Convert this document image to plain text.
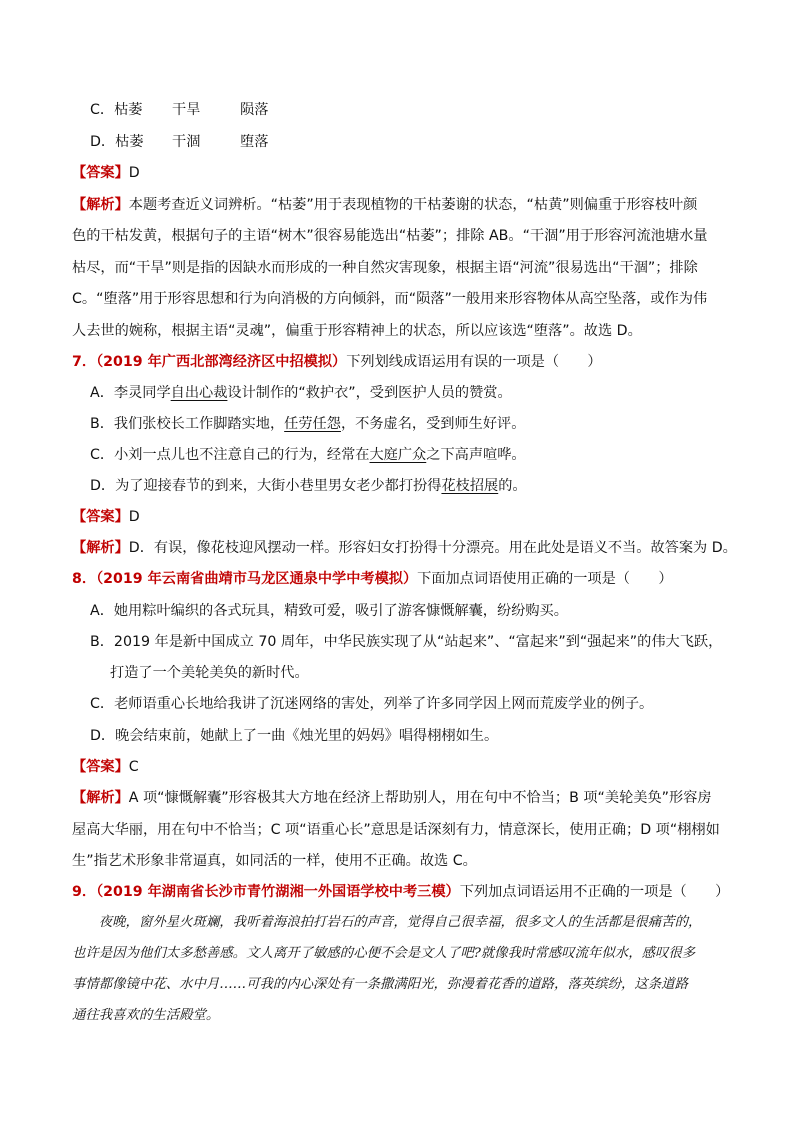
C．枯萎 干旱	陨落
D．枯萎 干涸	堕落
【答案】D
【解析】本题考查近义词辨析。“枯萎”用于表现植物的干枯萎谢的状态，“枯黄”则偏重于形容枝叶颜
色的干枯发黄，根据句子的主语“树木”很容易能选出“枯萎”；排除 AB。“干涸”用于形容河流池塘水量
枯尽，而“干旱”则是指的因缺水而形成的一种自然灾害现象，根据主语“河流”很易选出“干涸”；排除
C。“堕落”用于形容思想和行为向消极的方向倾斜，而“陨落”一般用来形容物体从高空坠落，或作为伟
人去世的婉称，根据主语“灵魂”，偏重于形容精神上的状态，所以应该选“堕落”。故选 D。
7．（2019 年广西北部湾经济区中招模拟）下列划线成语运用有误的一项是（　　）
A．李灵同学自出心裁设计制作的“救护衣”，受到医护人员的赞赏。
B．我们张校长工作脚踏实地，任劳任怨，不务虚名，受到师生好评。
C．小刘一点儿也不注意自己的行为，经常在大庭广众之下高声喧哗。
D．为了迎接春节的到来，大街小巷里男女老少都打扮得花枝招展的。
【答案】D
【解析】D．有误，像花枝迎风摆动一样。形容妇女打扮得十分漂亮。用在此处是语义不当。故答案为 D。
8．（2019 年云南省曲靖市马龙区通泉中学中考模拟）下面加点词语使用正确的一项是（　　）
A．她用粽叶编织的各式玩具，精致可爱，吸引了游客慷慨解囊，纷纷购买。
B．2019 年是新中国成立 70 周年，中华民族实现了从“站起来”、“富起来”到“强起来”的伟大飞跃，
打造了一个美轮美奂的新时代。
C．老师语重心长地给我讲了沉迷网络的害处，列举了许多同学因上网而荒废学业的例子。
D．晚会结束前，她献上了一曲《烛光里的妈妈》唱得栩栩如生。
【答案】C
【解析】A 项“慷慨解囊”形容极其大方地在经济上帮助别人，用在句中不恰当；B 项“美轮美奂”形容房
屋高大华丽，用在句中不恰当；C 项“语重心长”意思是话深刻有力，情意深长，使用正确；D 项“栩栩如
生”指艺术形象非常逼真，如同活的一样，使用不正确。故选 C。
9．（2019 年湖南省长沙市青竹湖湘一外国语学校中考三模）下列加点词语运用不正确的一项是（　　）
　　夜晚，窗外星火斑斓，我听着海浪拍打岩石的声音，觉得自己很幸福，很多文人的生活都是很痛苦的，
也许是因为他们太多愁善感。文人离开了敏感的心便不会是文人了吧?就像我时常感叹流年似水，感叹很多
事情都像镜中花、水中月……可我的内心深处有一条撒满阳光，弥漫着花香的道路，落英缤纷，这条道路
通往我喜欢的生活殿堂。
